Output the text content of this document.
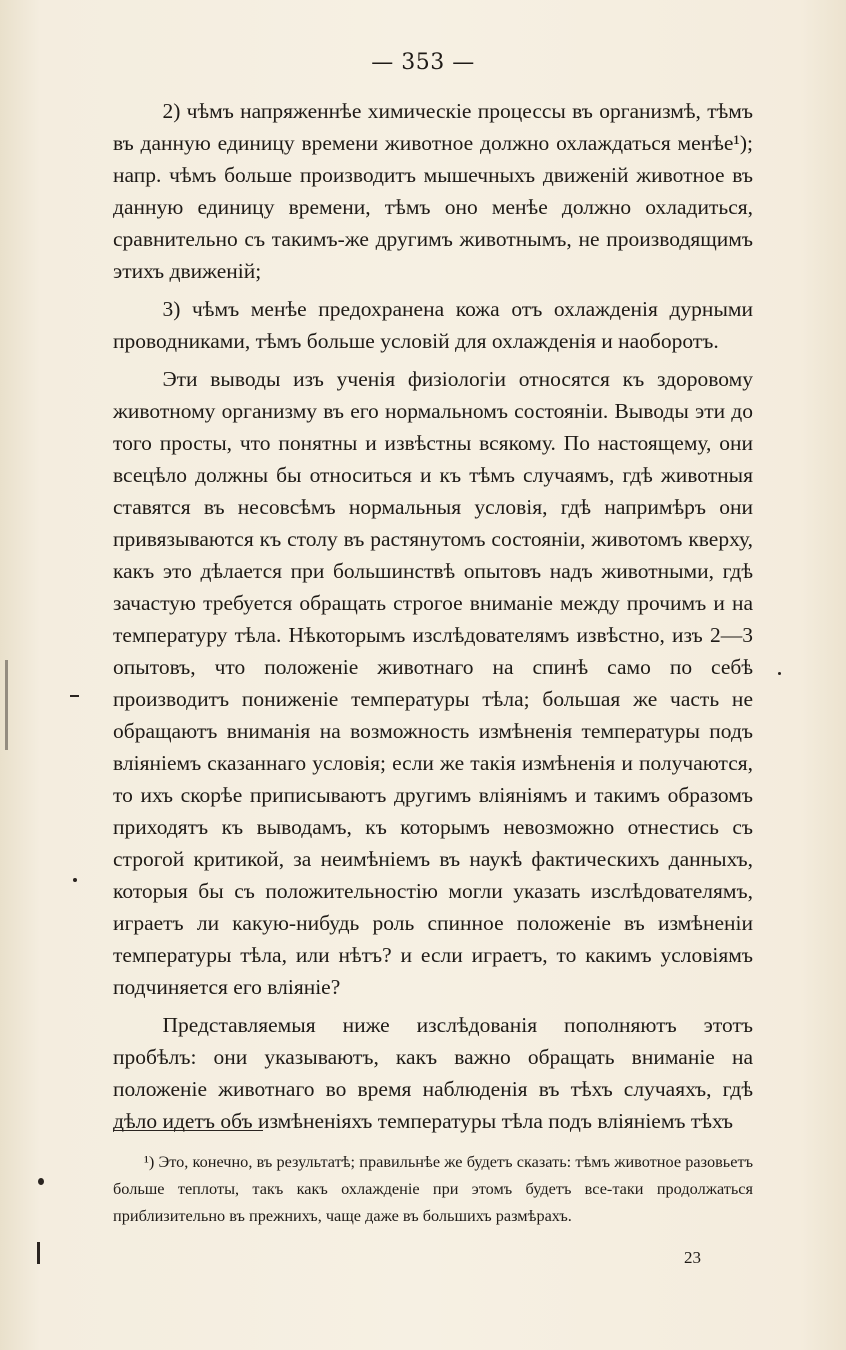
— 353 —

2) чѣмъ напряженнѣе химическіе процессы въ организмѣ, тѣмъ въ данную единицу времени животное должно охлаждаться менѣе¹); напр. чѣмъ больше производитъ мышечныхъ движеній животное въ данную единицу времени, тѣмъ оно менѣе должно охладиться, сравнительно съ такимъ-же другимъ животнымъ, не производящимъ этихъ движеній;

3) чѣмъ менѣе предохранена кожа отъ охлажденія дурными проводниками, тѣмъ больше условій для охлажденія и наоборотъ.

Эти выводы изъ ученія физіологіи относятся къ здоровому животному организму въ его нормальномъ состояніи. Выводы эти до того просты, что понятны и извѣстны всякому. По настоящему, они всецѣло должны бы относиться и къ тѣмъ случаямъ, гдѣ животныя ставятся въ несовсѣмъ нормальныя условія, гдѣ напримѣръ они привязываются къ столу въ растянутомъ состояніи, животомъ кверху, какъ это дѣлается при большинствѣ опытовъ надъ животными, гдѣ зачастую требуется обращать строгое вниманіе между прочимъ и на температуру тѣла. Нѣкоторымъ изслѣдователямъ извѣстно, изъ 2—3 опытовъ, что положеніе животнаго на спинѣ само по себѣ производитъ пониженіе температуры тѣла; большая же часть не обращаютъ вниманія на возможность измѣненія температуры подъ вліяніемъ сказаннаго условія; если же такія измѣненія и получаются, то ихъ скорѣе приписываютъ другимъ вліяніямъ и такимъ образомъ приходятъ къ выводамъ, къ которымъ невозможно отнестись съ строгой критикой, за неимѣніемъ въ наукѣ фактическихъ данныхъ, которыя бы съ положительностію могли указать изслѣдователямъ, играетъ ли какую-нибудь роль спинное положеніе въ измѣненіи температуры тѣла, или нѣтъ? и если играетъ, то какимъ условіямъ подчиняется его вліяніе?

Представляемыя ниже изслѣдованія пополняютъ этотъ пробѣлъ: они указываютъ, какъ важно обращать вниманіе на положеніе животнаго во время наблюденія въ тѣхъ случаяхъ, гдѣ дѣло идетъ объ измѣненіяхъ температуры тѣла подъ вліяніемъ тѣхъ

¹) Это, конечно, въ результатѣ; правильнѣе же будетъ сказать: тѣмъ животное разовьетъ больше теплоты, такъ какъ охлажденіе при этомъ будетъ все-таки продолжаться приблизительно въ прежнихъ, чаще даже въ большихъ размѣрахъ.
23
